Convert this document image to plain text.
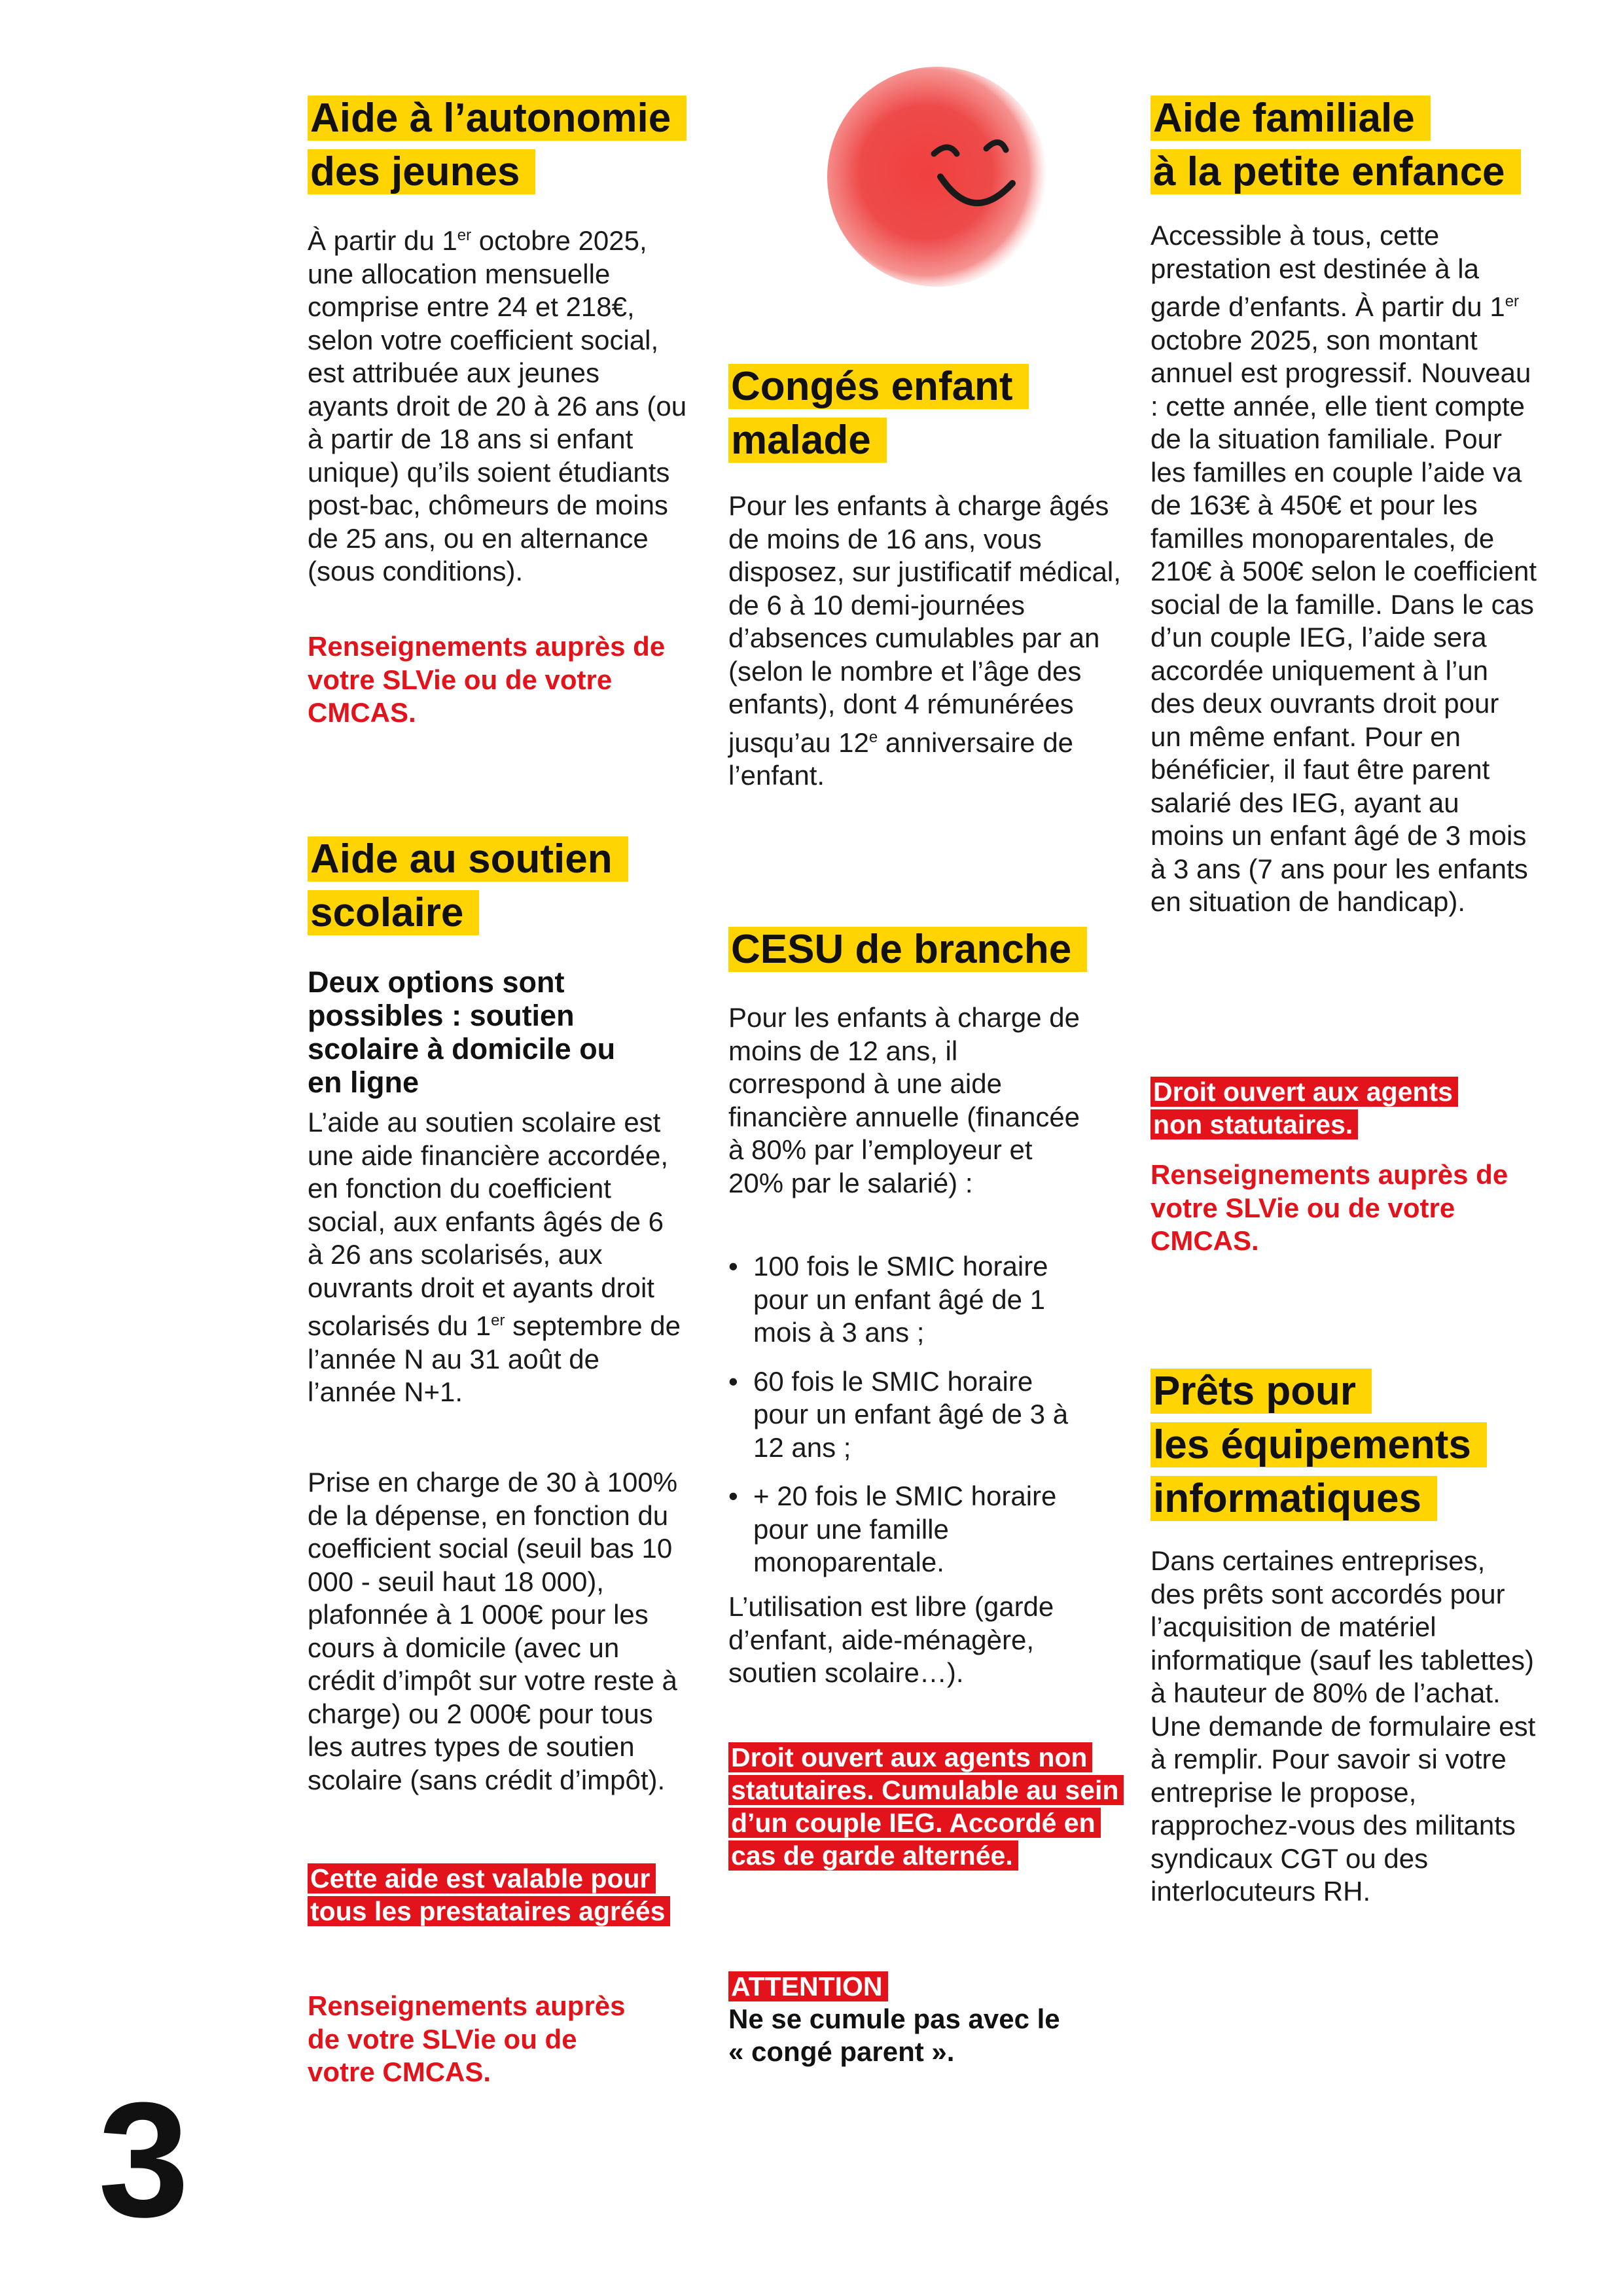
Aide à l’autonomie
des jeunes

À partir du 1er octobre 2025, une allocation mensuelle comprise entre 24 et 218€, selon votre coefficient social, est attribuée aux jeunes ayants droit de 20 à 26 ans (ou à partir de 18 ans si enfant unique) qu’ils soient étudiants post-bac, chômeurs de moins de 25 ans, ou en alternance (sous conditions).

Renseignements auprès de votre SLVie ou de votre CMCAS.

Aide au soutien
scolaire

Deux options sont possibles : soutien scolaire à domicile ou en ligne

L’aide au soutien scolaire est une aide financière accordée, en fonction du coefficient social, aux enfants âgés de 6 à 26 ans scolarisés, aux ouvrants droit et ayants droit scolarisés du 1er septembre de l’année N au 31 août de l’année N+1.

Prise en charge de 30 à 100% de la dépense, en fonction du coefficient social (seuil bas 10 000 - seuil haut 18 000), plafonnée à 1 000€ pour les cours à domicile (avec un crédit d’impôt sur votre reste à charge) ou 2 000€ pour tous les autres types de soutien scolaire (sans crédit d’impôt).

Cette aide est valable pour tous les prestataires agréés

Renseignements auprès de votre SLVie ou de votre CMCAS.

Congés enfant
malade

Pour les enfants à charge âgés de moins de 16 ans, vous disposez, sur justificatif médical, de 6 à 10 demi-journées d’absences cumulables par an (selon le nombre et l’âge des enfants), dont 4 rémunérées jusqu’au 12e anniversaire de l’enfant.

CESU de branche

Pour les enfants à charge de moins de 12 ans, il correspond à une aide financière annuelle (financée à 80% par l’employeur et 20% par le salarié) :

• 100 fois le SMIC horaire pour un enfant âgé de 1 mois à 3 ans ;
• 60 fois le SMIC horaire pour un enfant âgé de 3 à 12 ans ;
• + 20 fois le SMIC horaire pour une famille monoparentale.

L’utilisation est libre (garde d’enfant, aide-ménagère, soutien scolaire…).

Droit ouvert aux agents non statutaires. Cumulable au sein d’un couple IEG. Accordé en cas de garde alternée.
ATTENTION

Ne se cumule pas avec le « congé parent ».

Aide familiale
à la petite enfance

Accessible à tous, cette prestation est destinée à la garde d’enfants. À partir du 1er octobre 2025, son montant annuel est progressif. Nouveau : cette année, elle tient compte de la situation familiale. Pour les familles en couple l’aide va de 163€ à 450€ et pour les familles monoparentales, de 210€ à 500€ selon le coefficient social de la famille. Dans le cas d’un couple IEG, l’aide sera accordée uniquement à l’un des deux ouvrants droit pour un même enfant. Pour en bénéficier, il faut être parent salarié des IEG, ayant au moins un enfant âgé de 3 mois à 3 ans (7 ans pour les enfants en situation de handicap).

Droit ouvert aux agents non statutaires.

Renseignements auprès de votre SLVie ou de votre CMCAS.

Prêts pour
les équipements
informatiques

Dans certaines entreprises, des prêts sont accordés pour l’acquisition de matériel informatique (sauf les tablettes) à hauteur de 80% de l’achat. Une demande de formulaire est à remplir. Pour savoir si votre entreprise le propose, rapprochez-vous des militants syndicaux CGT ou des interlocuteurs RH.

3
